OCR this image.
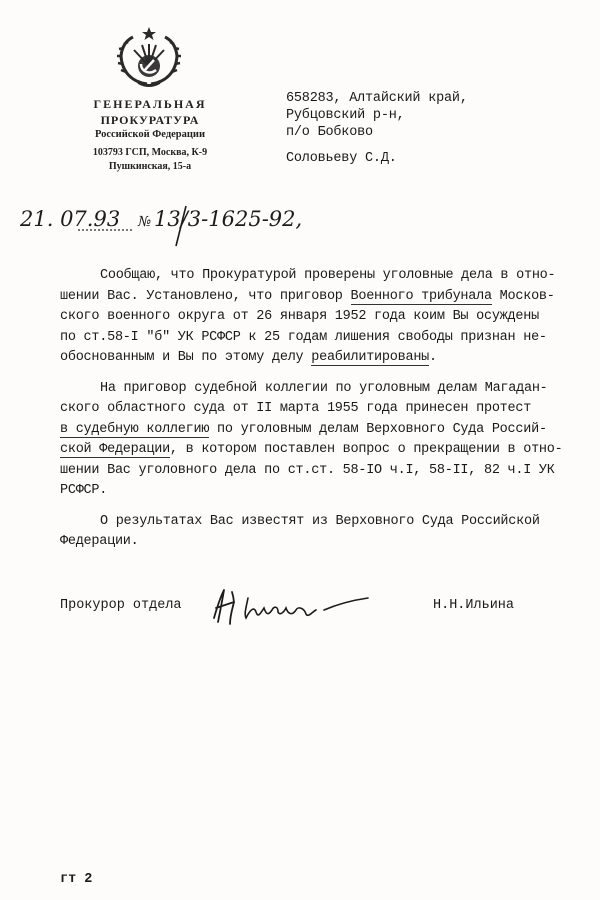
ГЕНЕРАЛЬНАЯ
ПРОКУРАТУРА
Российской Федерации
103793 ГСП, Москва, К-9
Пушкинская, 15-а
658283, Алтайский край,
Рубцовский р-н,
п/о Бобково
Соловьеву С.Д.
21. 07.93 № 13/3-1625-92,
Сообщаю, что Прокуратурой проверены уголовные дела в отно-
шении Вас. Установлено, что приговор Военного трибунала Москов-
ского военного округа от 26 января 1952 года коим Вы осуждены
по ст.58-I "б" УК РСФСР к 25 годам лишения свободы признан не-
обоснованным и Вы по этому делу реабилитированы.
На приговор судебной коллегии по уголовным делам Магадан-
ского областного суда от II марта 1955 года принесен протест
в судебную коллегию по уголовным делам Верховного Суда Россий-
ской Федерации, в котором поставлен вопрос о прекращении в отно-
шении Вас уголовного дела по ст.ст. 58-IO ч.I, 58-II, 82 ч.I УК
РСФСР.
О результатах Вас известят из Верховного Суда Российской
Федерации.
Прокурор отдела	Н.Н.Ильина
гт 2
